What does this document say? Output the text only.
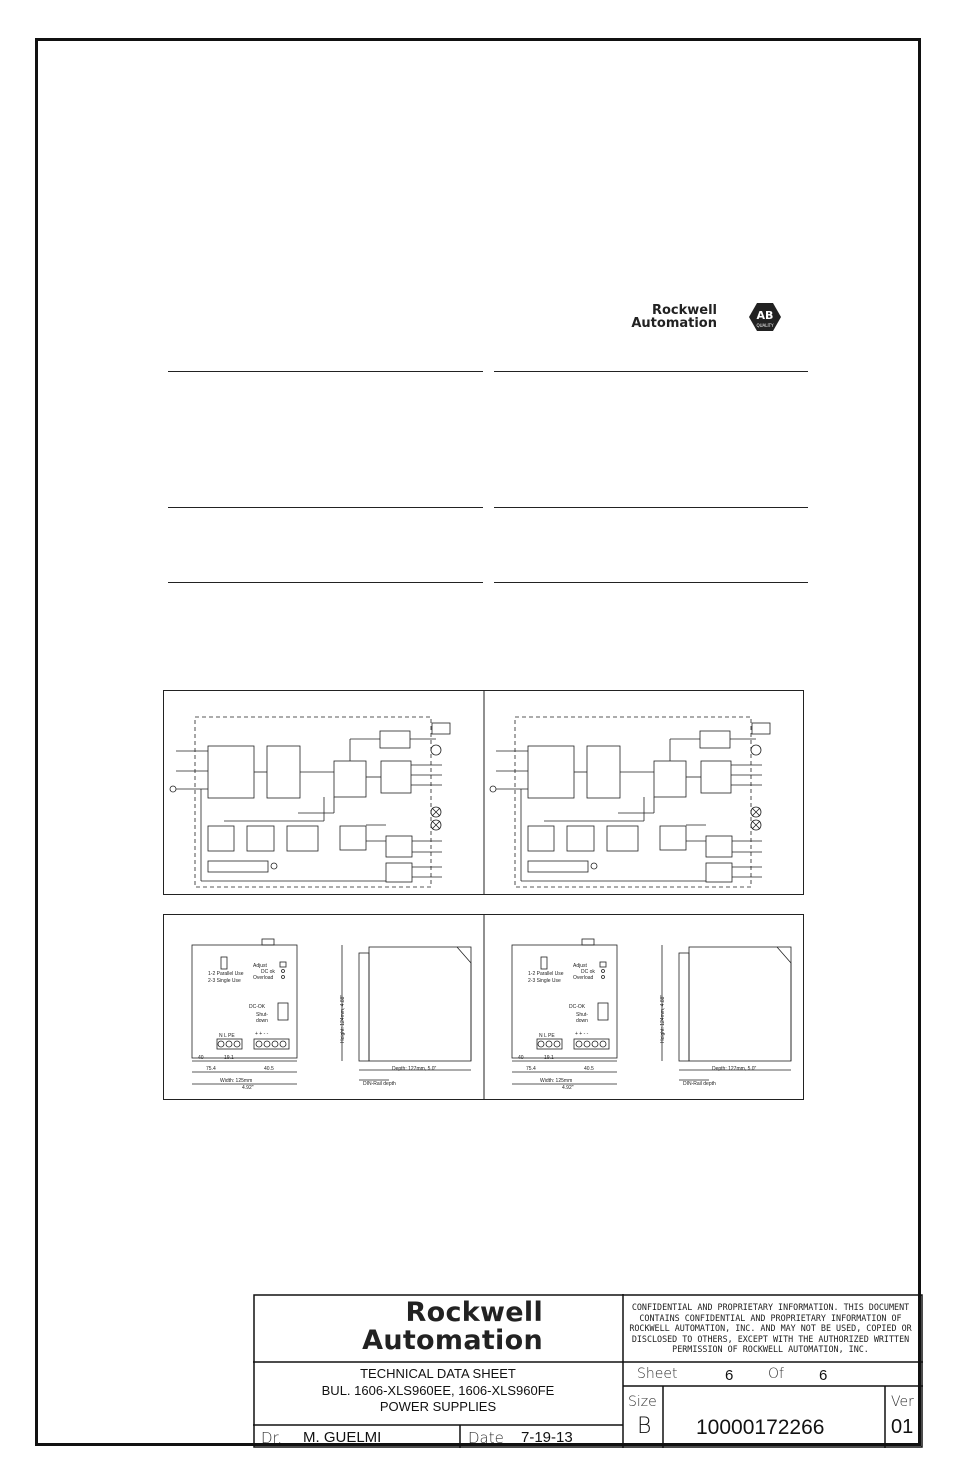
Rockwell
Automation
AB
QUALITY
1-2 Parallel Use
2-3 Single Use
Adjust
DC ok
Overload
DC-OK
Shut-
down
N L PE	+ + - -
40	19.1
75.4	40.5
Width: 125mm
4.92"
Depth: 127mm, 5.0"
DIN-Rail depth
Height: 124mm, 4.88"
Rockwell
Automation
CONFIDENTIAL AND PROPRIETARY INFORMATION. THIS DOCUMENT
CONTAINS CONFIDENTIAL AND PROPRIETARY INFORMATION OF
ROCKWELL AUTOMATION, INC. AND MAY NOT BE USED, COPIED OR
DISCLOSED TO OTHERS, EXCEPT WITH THE AUTHORIZED WRITTEN
PERMISSION OF ROCKWELL AUTOMATION, INC.
TECHNICAL DATA SHEET
BUL. 1606-XLS960EE, 1606-XLS960FE
POWER SUPPLIES
Sheet	6 Of 6
Size
B 10000172266
Ver
01
Dr. M. GUELMI	Date 7-19-13
